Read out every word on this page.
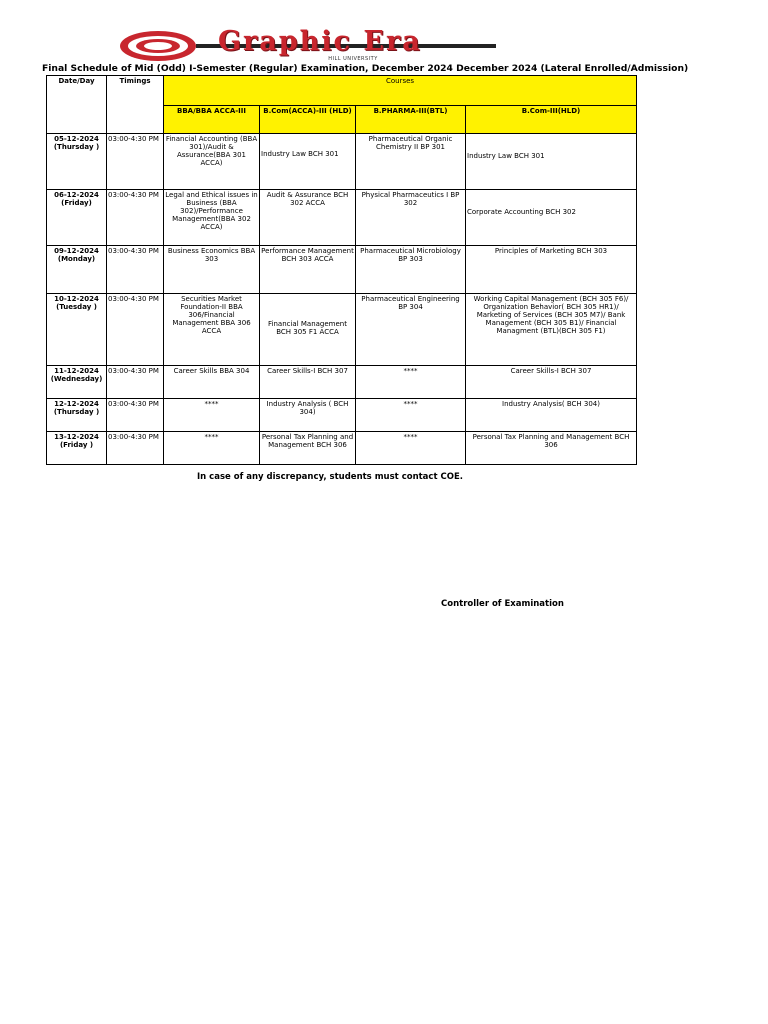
Graphic Era
HILL UNIVERSITY
Final Schedule of Mid (Odd) I-Semester (Regular) Examination, December 2024 December 2024 (Lateral Enrolled/Admission)
Date/Day	Timings	Courses			
		BBA/BBA ACCA-III	B.Com(ACCA)-III (HLD)	B.PHARMA-III(BTL)	B.Com-III(HLD)

05-12-2024
(Thursday )	03:00-4:30 PM	Financial Accounting (BBA 301)/Audit & Assurance(BBA 301 ACCA)	Industry Law BCH 301	Pharmaceutical Organic Chemistry II BP 301	Industry Law BCH 301

06-12-2024
(Friday)	03:00-4:30 PM	Legal and Ethical issues in Business (BBA 302)/Performance Management(BBA 302 ACCA)	Audit & Assurance BCH 302 ACCA	Physical Pharmaceutics I BP 302	Corporate Accounting BCH 302

09-12-2024
(Monday)	03:00-4:30 PM	Business Economics BBA 303	Performance Management BCH 303 ACCA	Pharmaceutical Microbiology BP 303	Principles of Marketing BCH 303

10-12-2024
(Tuesday )	03:00-4:30 PM	Securities Market Foundation-II BBA 306/Financial Management BBA 306 ACCA	Financial Management BCH 305 F1 ACCA	Pharmaceutical Engineering BP 304	Working Capital Management (BCH 305 F6)/ Organization Behavior( BCH 305 HR1)/ Marketing of Services (BCH 305 M7)/ Bank Management (BCH 305 B1)/ Financial Managment (BTL)(BCH 305 F1)

11-12-2024
(Wednesday)	03:00-4:30 PM	Career Skills BBA 304	Career Skills-I BCH 307	****	Career Skills-I BCH 307

12-12-2024
(Thursday )	03:00-4:30 PM	****	Industry Analysis ( BCH 304)	****	Industry Analysis( BCH 304)

13-12-2024
(Friday )	03:00-4:30 PM	****	Personal Tax Planning and Management BCH 306	****	Personal Tax Planning and Management BCH 306
In case of any discrepancy, students must contact COE.
Controller of Examination
